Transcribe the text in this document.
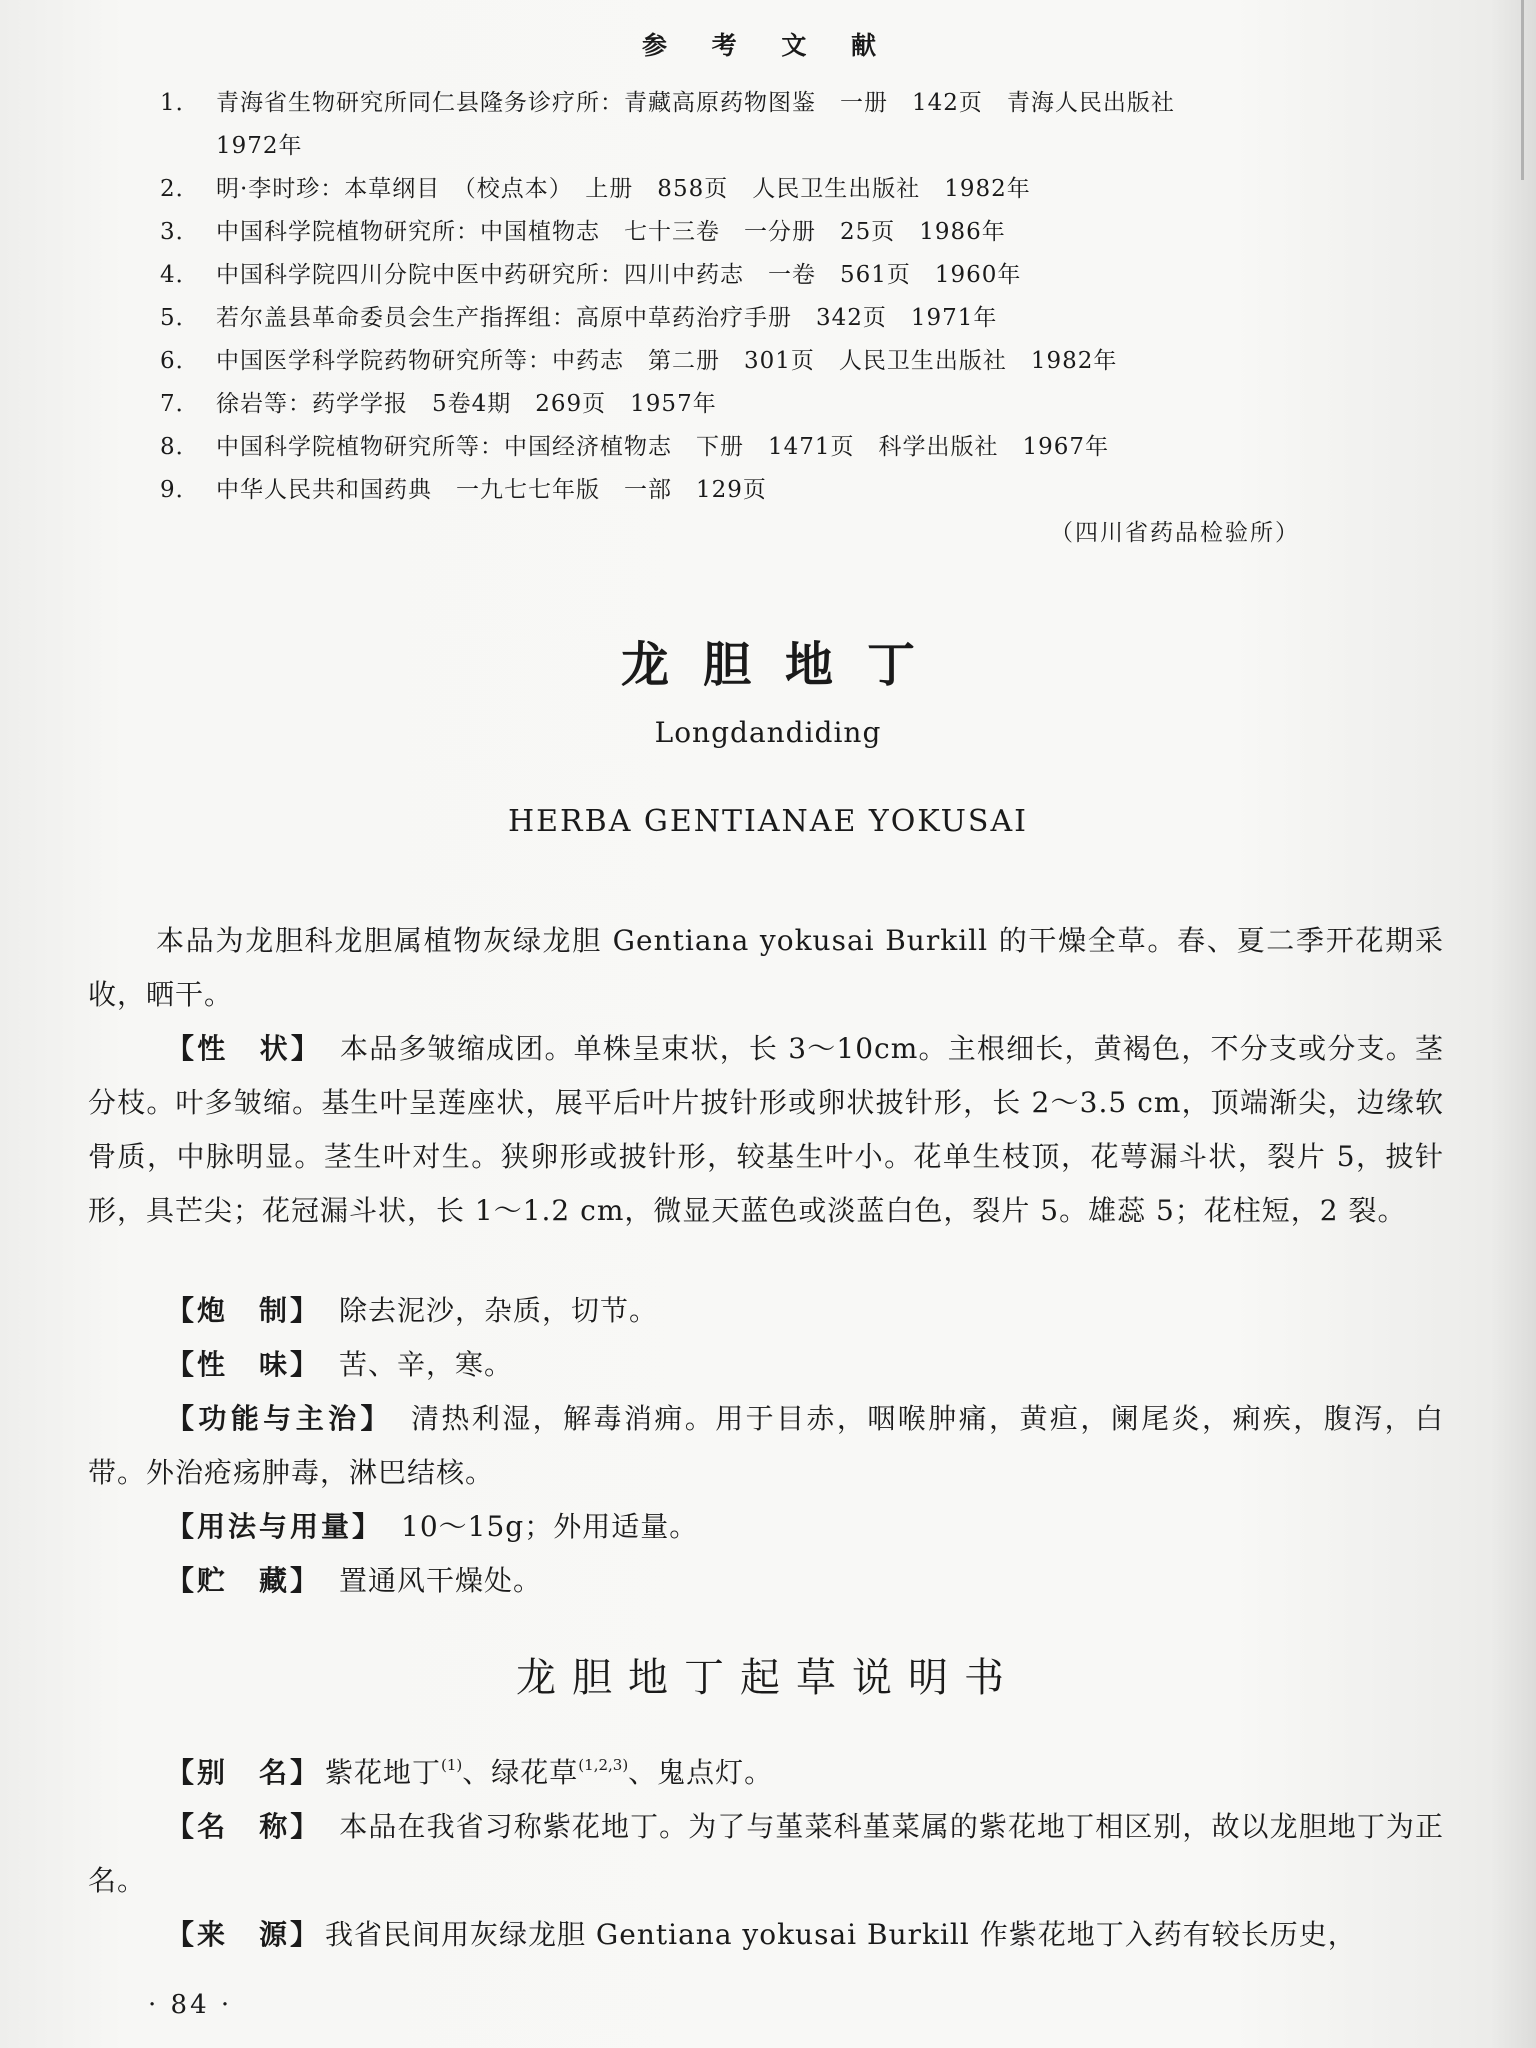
参 考 文 献
1． 青海省生物研究所同仁县隆务诊疗所：青藏高原药物图鉴　一册　142页　青海人民出版社
1972年
2． 明·李时珍：本草纲目　（校点本）　上册　858页　人民卫生出版社　1982年
3． 中国科学院植物研究所：中国植物志　七十三卷　一分册　25页　1986年
4． 中国科学院四川分院中医中药研究所：四川中药志　一卷　561页　1960年
5． 若尔盖县革命委员会生产指挥组：高原中草药治疗手册　342页　1971年
6． 中国医学科学院药物研究所等：中药志　第二册　301页　人民卫生出版社　1982年
7． 徐岩等：药学学报　5卷4期　269页　1957年
8． 中国科学院植物研究所等：中国经济植物志　下册　1471页　科学出版社　1967年
9． 中华人民共和国药典　一九七七年版　一部　129页
（四川省药品检验所）
龙胆地丁
Longdandiding
HERBA GENTIANAE YOKUSAI
本品为龙胆科龙胆属植物灰绿龙胆 Gentiana yokusai Burkill 的干燥全草。春、夏二季开花期采收，晒干。
【性　状】 本品多皱缩成团。单株呈束状，长 3～10cm。主根细长，黄褐色，不分支或分支。茎分枝。叶多皱缩。基生叶呈莲座状，展平后叶片披针形或卵状披针形，长 2～3.5 cm，顶端渐尖，边缘软骨质，中脉明显。茎生叶对生。狭卵形或披针形，较基生叶小。花单生枝顶，花萼漏斗状，裂片 5，披针形，具芒尖；花冠漏斗状，长 1～1.2 cm，微显天蓝色或淡蓝白色，裂片 5。雄蕊 5；花柱短，2 裂。
【炮　制】 除去泥沙，杂质，切节。
【性　味】 苦、辛，寒。
【功能与主治】 清热利湿，解毒消痈。用于目赤，咽喉肿痛，黄疸，阑尾炎，痢疾，腹泻，白带。外治疮疡肿毒，淋巴结核。
【用法与用量】 10～15g；外用适量。
【贮　藏】 置通风干燥处。
龙胆地丁起草说明书
【别　名】 紫花地丁$^{(1)}$、绿花草$^{(1,2,3)}$、鬼点灯。
【名　称】 本品在我省习称紫花地丁。为了与堇菜科堇菜属的紫花地丁相区别，故以龙胆地丁为正名。
【来　源】 我省民间用灰绿龙胆 Gentiana yokusai Burkill 作紫花地丁入药有较长历史，
· 84 ·
